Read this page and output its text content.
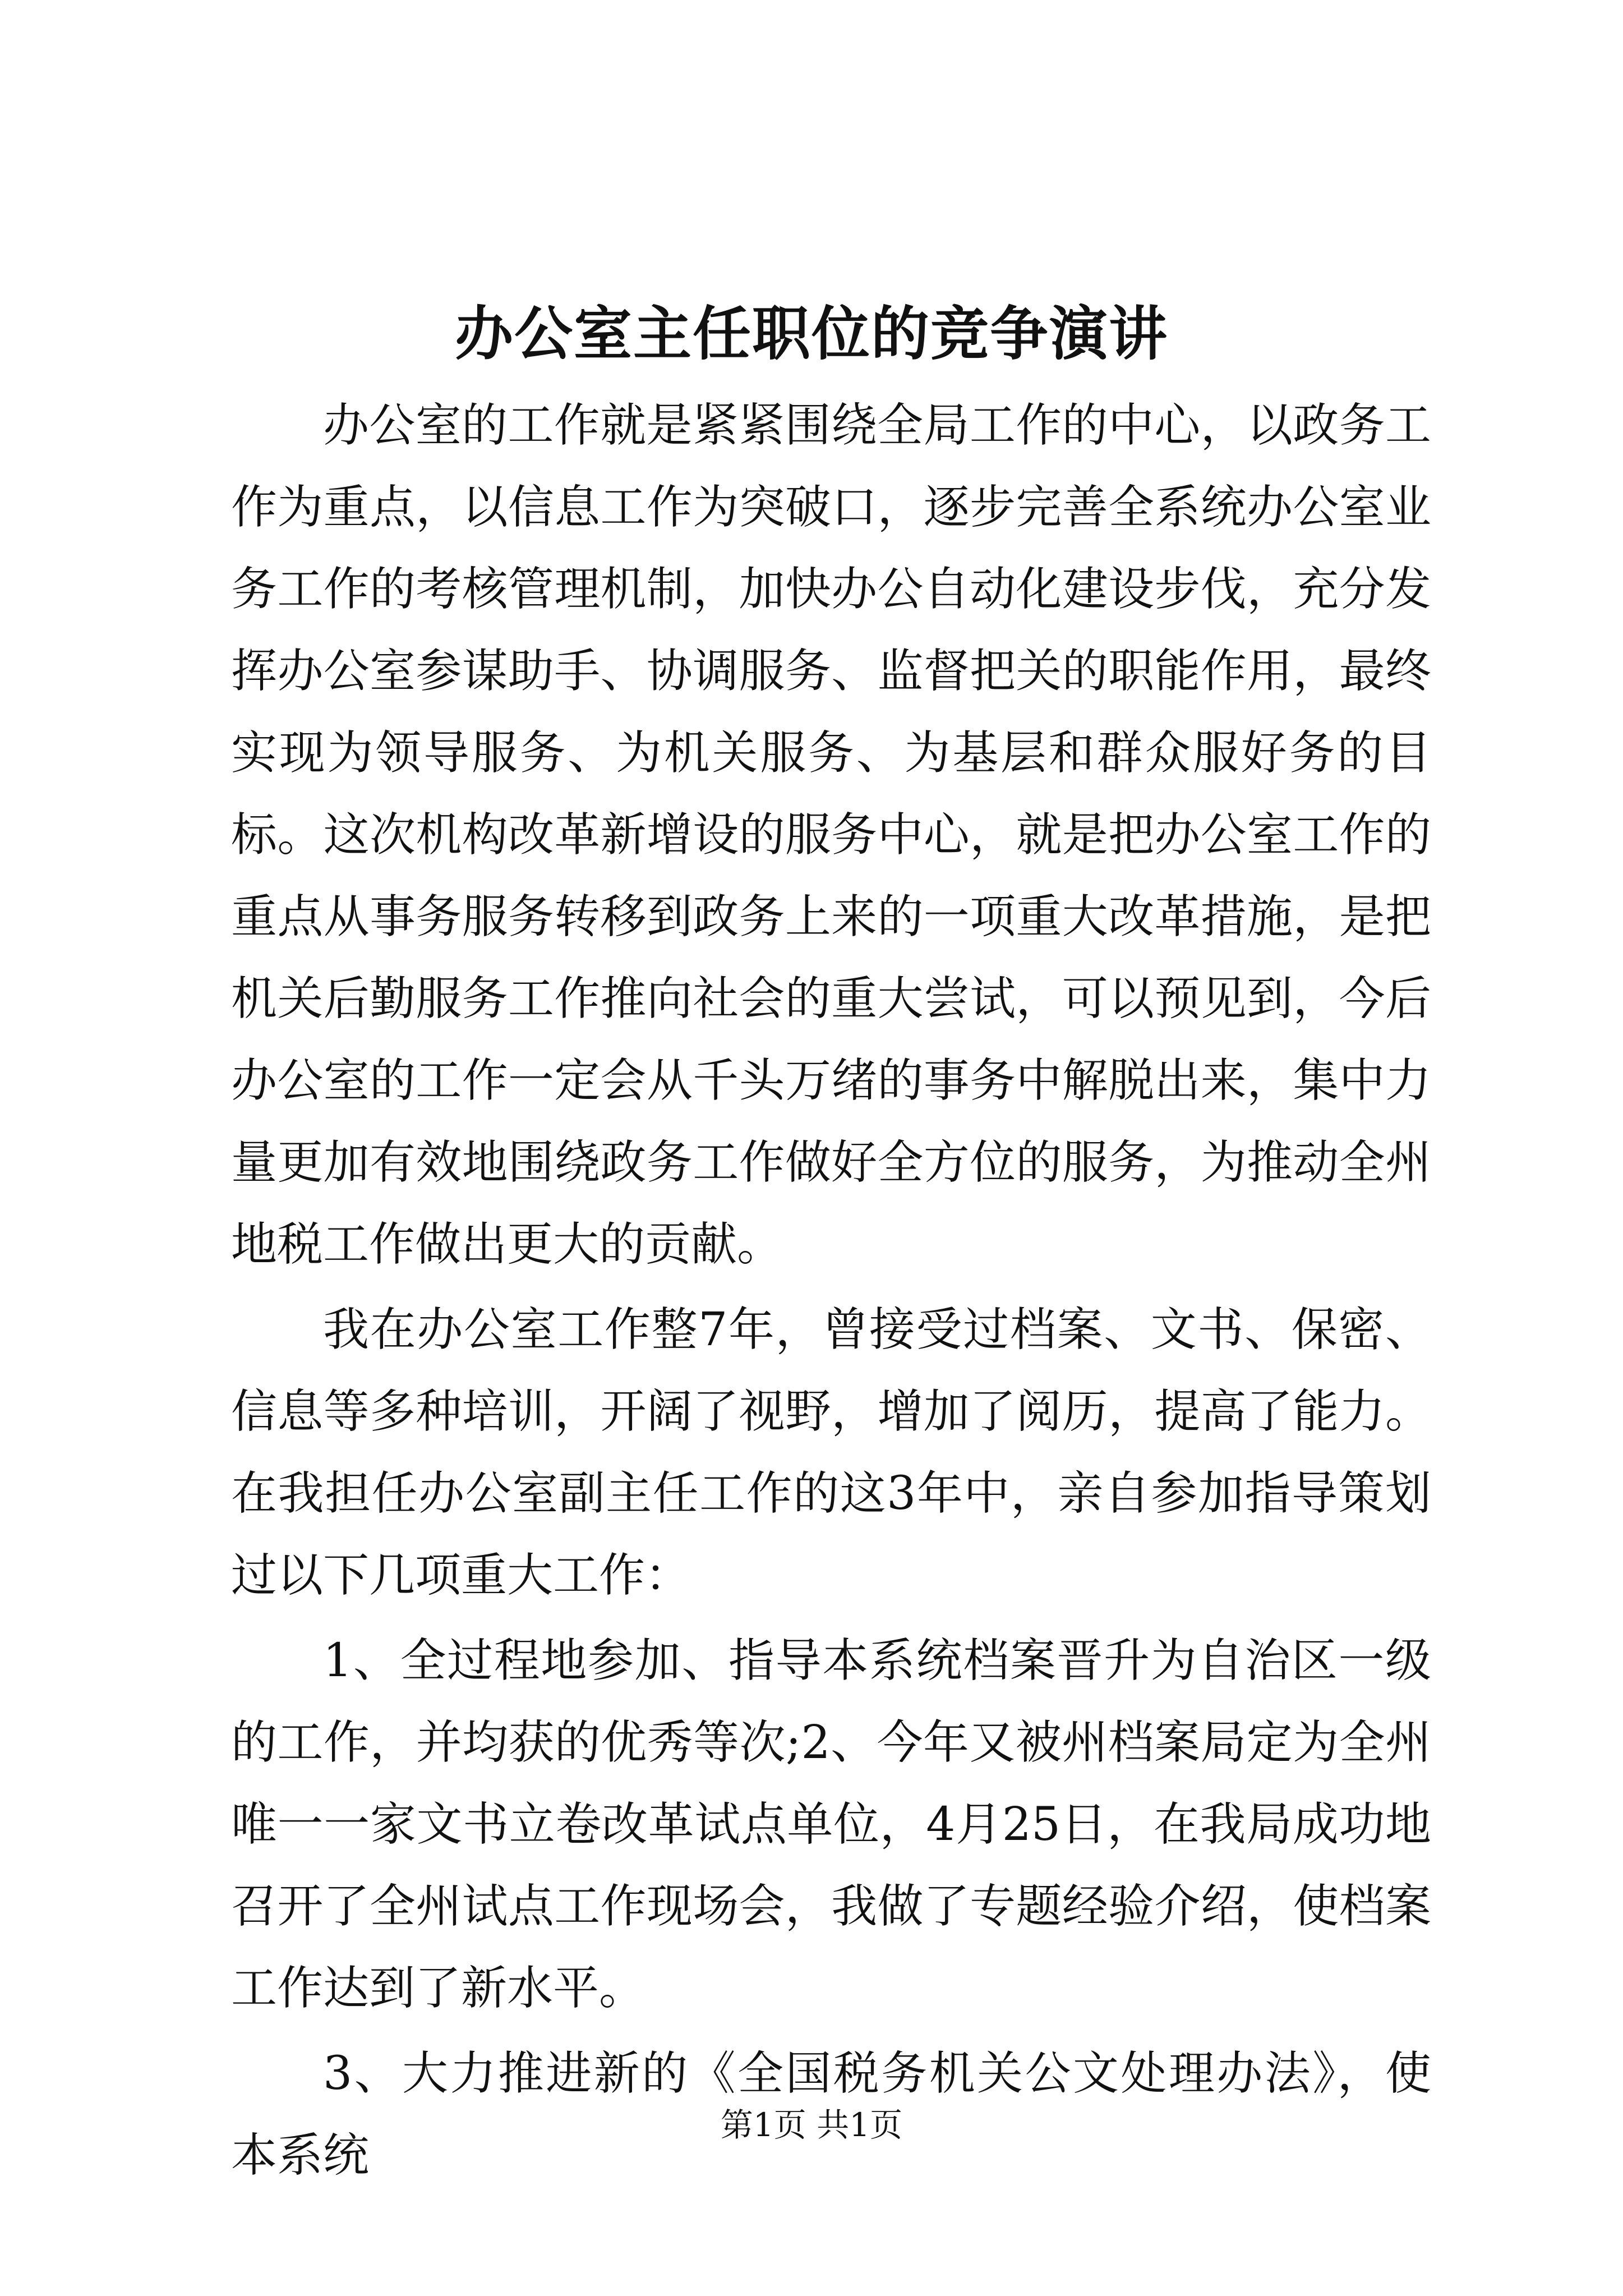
办公室主任职位的竞争演讲

办公室的工作就是紧紧围绕全局工作的中心，以政务工作为重点，以信息工作为突破口，逐步完善全系统办公室业务工作的考核管理机制，加快办公自动化建设步伐，充分发挥办公室参谋助手、协调服务、监督把关的职能作用，最终实现为领导服务、为机关服务、为基层和群众服好务的目标。这次机构改革新增设的服务中心，就是把办公室工作的重点从事务服务转移到政务上来的一项重大改革措施，是把机关后勤服务工作推向社会的重大尝试，可以预见到，今后办公室的工作一定会从千头万绪的事务中解脱出来，集中力量更加有效地围绕政务工作做好全方位的服务，为推动全州地税工作做出更大的贡献。

我在办公室工作整7年，曾接受过档案、文书、保密、信息等多种培训，开阔了视野，增加了阅历，提高了能力。在我担任办公室副主任工作的这3年中，亲自参加指导策划过以下几项重大工作：

1、全过程地参加、指导本系统档案晋升为自治区一级的工作，并均获的优秀等次;2、今年又被州档案局定为全州唯一一家文书立卷改革试点单位，4月25日，在我局成功地召开了全州试点工作现场会，我做了专题经验介绍，使档案工作达到了新水平。

3、大力推进新的《全国税务机关公文处理办法》，使本系统

第1页 共1页
